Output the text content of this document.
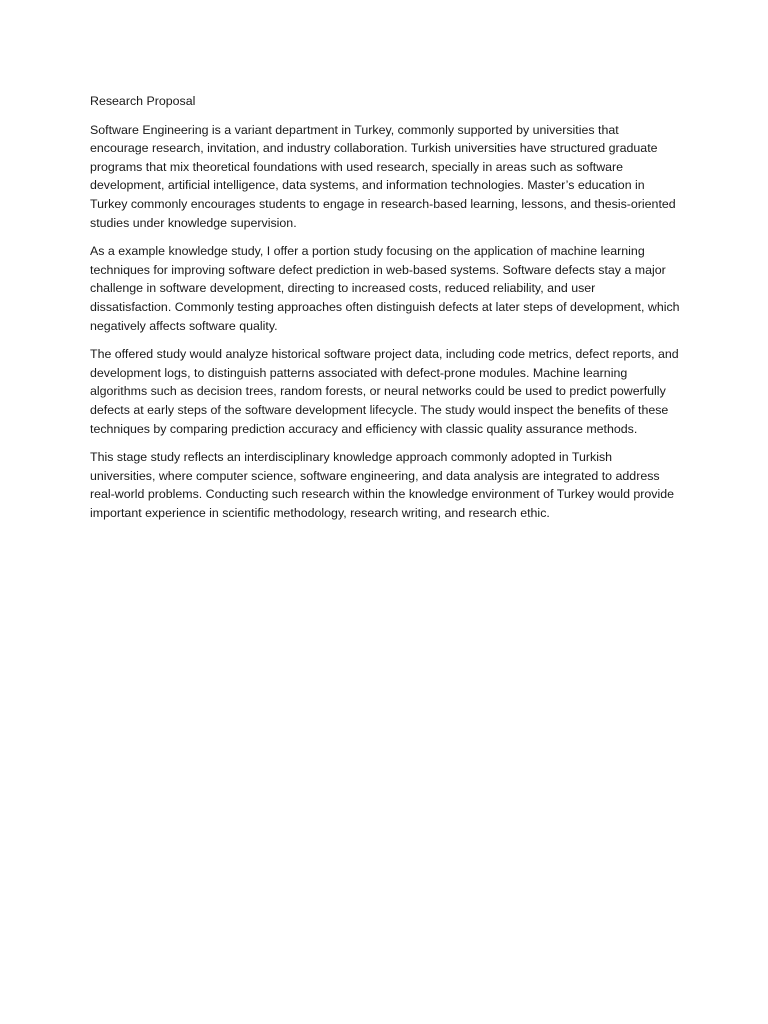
Research Proposal

Software Engineering is a variant department in Turkey, commonly supported by universities that encourage research, invitation, and industry collaboration. Turkish universities have structured graduate programs that mix theoretical foundations with used research, specially in areas such as software development, artificial intelligence, data systems, and information technologies. Master’s education in Turkey commonly encourages students to engage in research-based learning, lessons, and thesis-oriented studies under knowledge supervision.

As a example knowledge study, I offer a portion study focusing on the application of machine learning techniques for improving software defect prediction in web-based systems. Software defects stay a major challenge in software development, directing to increased costs, reduced reliability, and user dissatisfaction. Commonly testing approaches often distinguish defects at later steps of development, which negatively affects software quality.

The offered study would analyze historical software project data, including code metrics, defect reports, and development logs, to distinguish patterns associated with defect-prone modules. Machine learning algorithms such as decision trees, random forests, or neural networks could be used to predict powerfully defects at early steps of the software development lifecycle. The study would inspect the benefits of these techniques by comparing prediction accuracy and efficiency with classic quality assurance methods.

This stage study reflects an interdisciplinary knowledge approach commonly adopted in Turkish universities, where computer science, software engineering, and data analysis are integrated to address real-world problems. Conducting such research within the knowledge environment of Turkey would provide important experience in scientific methodology, research writing, and research ethic.
